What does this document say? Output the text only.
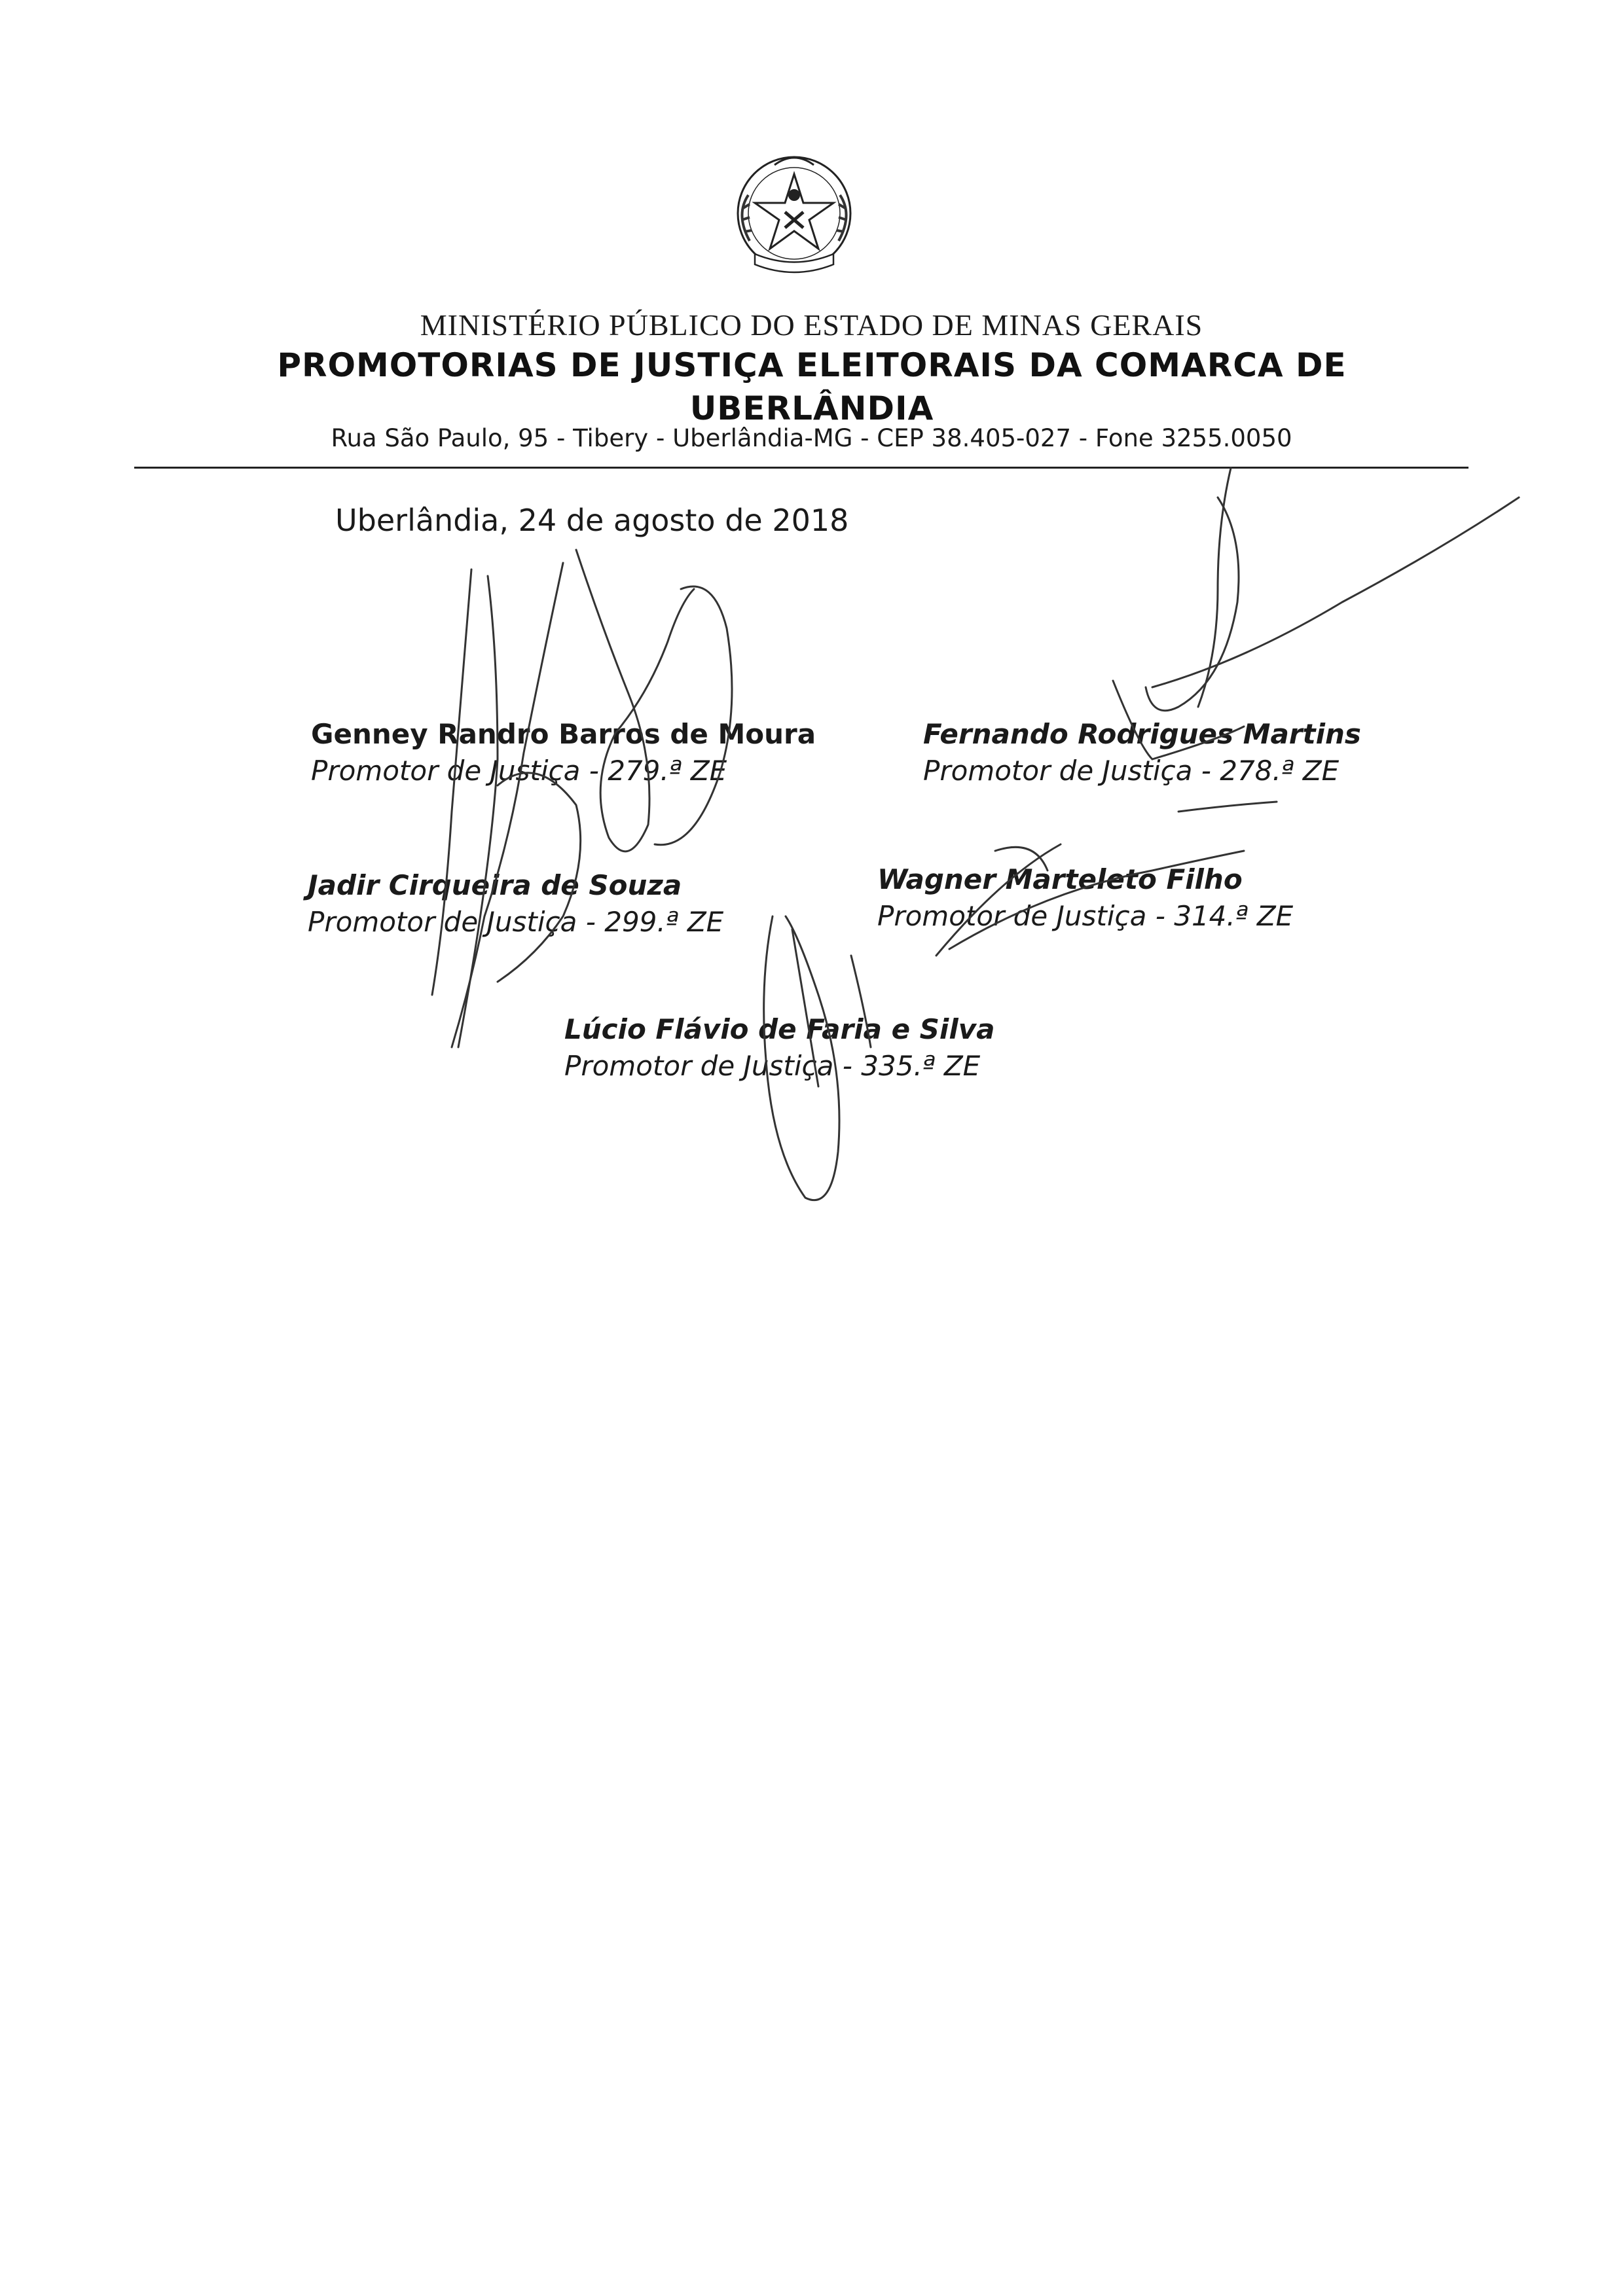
MINISTÉRIO PÚBLICO DO ESTADO DE MINAS GERAIS
PROMOTORIAS DE JUSTIÇA ELEITORAIS DA COMARCA DE UBERLÂNDIA
Rua São Paulo, 95 - Tibery - Uberlândia-MG - CEP 38.405-027 - Fone 3255.0050
Uberlândia, 24 de agosto de 2018
Genney Randro Barros de Moura
Promotor de Justiça - 279.ª ZE
Fernando Rodrigues Martins
Promotor de Justiça - 278.ª ZE
Jadir Cirqueira de Souza
Promotor de Justiça - 299.ª ZE
Wagner Marteleto Filho
Promotor de Justiça - 314.ª ZE
Lúcio Flávio de Faria e Silva
Promotor de Justiça - 335.ª ZE
